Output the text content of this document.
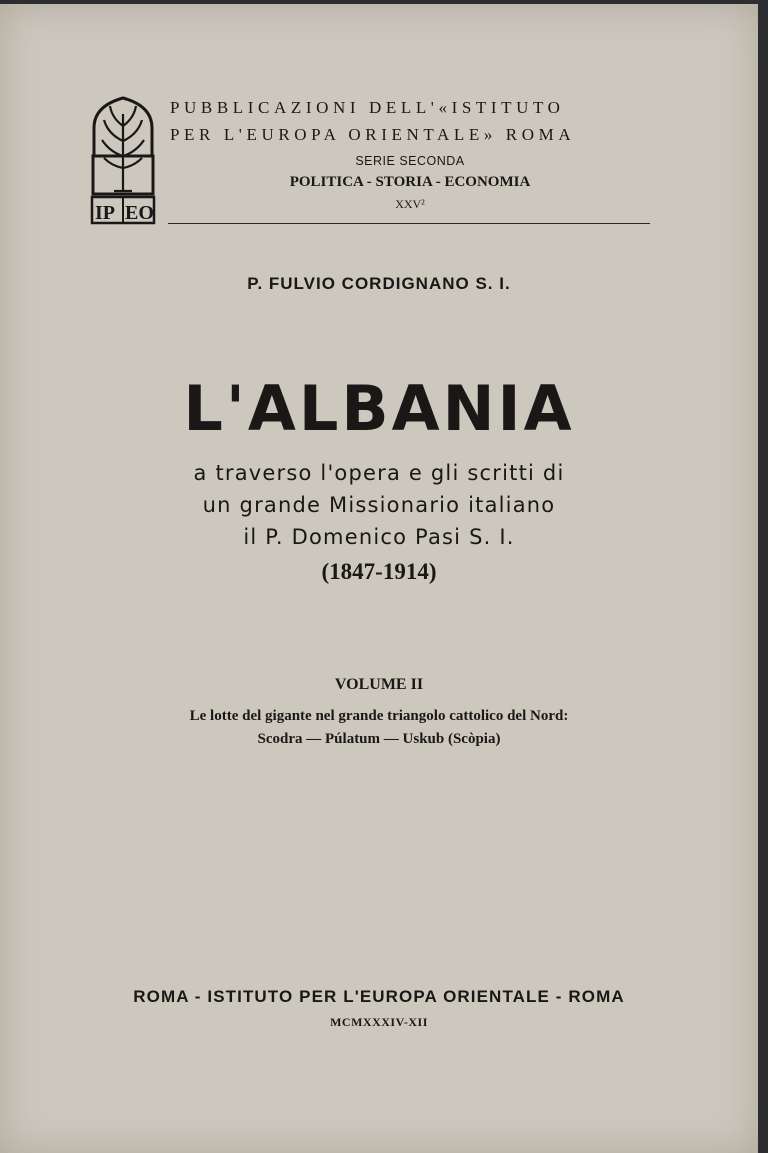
IP EO
PUBBLICAZIONI DELL'«ISTITUTO
PER L'EUROPA ORIENTALE» ROMA
SERIE SECONDA
POLITICA - STORIA - ECONOMIA
XXV²
P. FULVIO CORDIGNANO S. I.
L'ALBANIA
a traverso l'opera e gli scritti di
un grande Missionario italiano
il P. Domenico Pasi S. I.
(1847-1914)
VOLUME II
Le lotte del gigante nel grande triangolo cattolico del Nord:
Scodra — Púlatum — Uskub (Scòpia)
ROMA - ISTITUTO PER L'EUROPA ORIENTALE - ROMA
MCMXXXIV-XII
